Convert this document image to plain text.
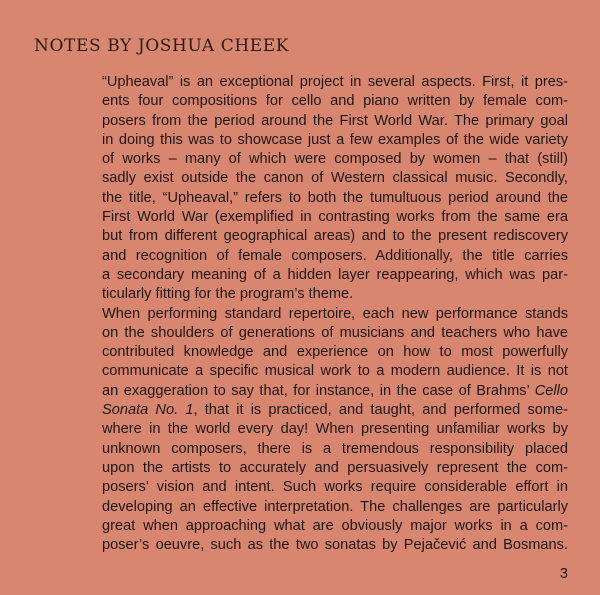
NOTES BY JOSHUA CHEEK
“Upheaval” is an exceptional project in several aspects. First, it pres-
ents four compositions for cello and piano written by female com-
posers from the period around the First World War. The primary goal
in doing this was to showcase just a few examples of the wide variety
of works – many of which were composed by women – that (still)
sadly exist outside the canon of Western classical music. Secondly,
the title, “Upheaval,” refers to both the tumultuous period around the
First World War (exemplified in contrasting works from the same era
but from different geographical areas) and to the present rediscovery
and recognition of female composers. Additionally, the title carries
a secondary meaning of a hidden layer reappearing, which was par-
ticularly fitting for the program’s theme.
When performing standard repertoire, each new performance stands
on the shoulders of generations of musicians and teachers who have
contributed knowledge and experience on how to most powerfully
communicate a specific musical work to a modern audience. It is not
an exaggeration to say that, for instance, in the case of Brahms’ Cello
Sonata No. 1, that it is practiced, and taught, and performed some-
where in the world every day! When presenting unfamiliar works by
unknown composers, there is a tremendous responsibility placed
upon the artists to accurately and persuasively represent the com-
posers’ vision and intent. Such works require considerable effort in
developing an effective interpretation. The challenges are particularly
great when approaching what are obviously major works in a com-
poser’s oeuvre, such as the two sonatas by Pejačević and Bosmans.
3
